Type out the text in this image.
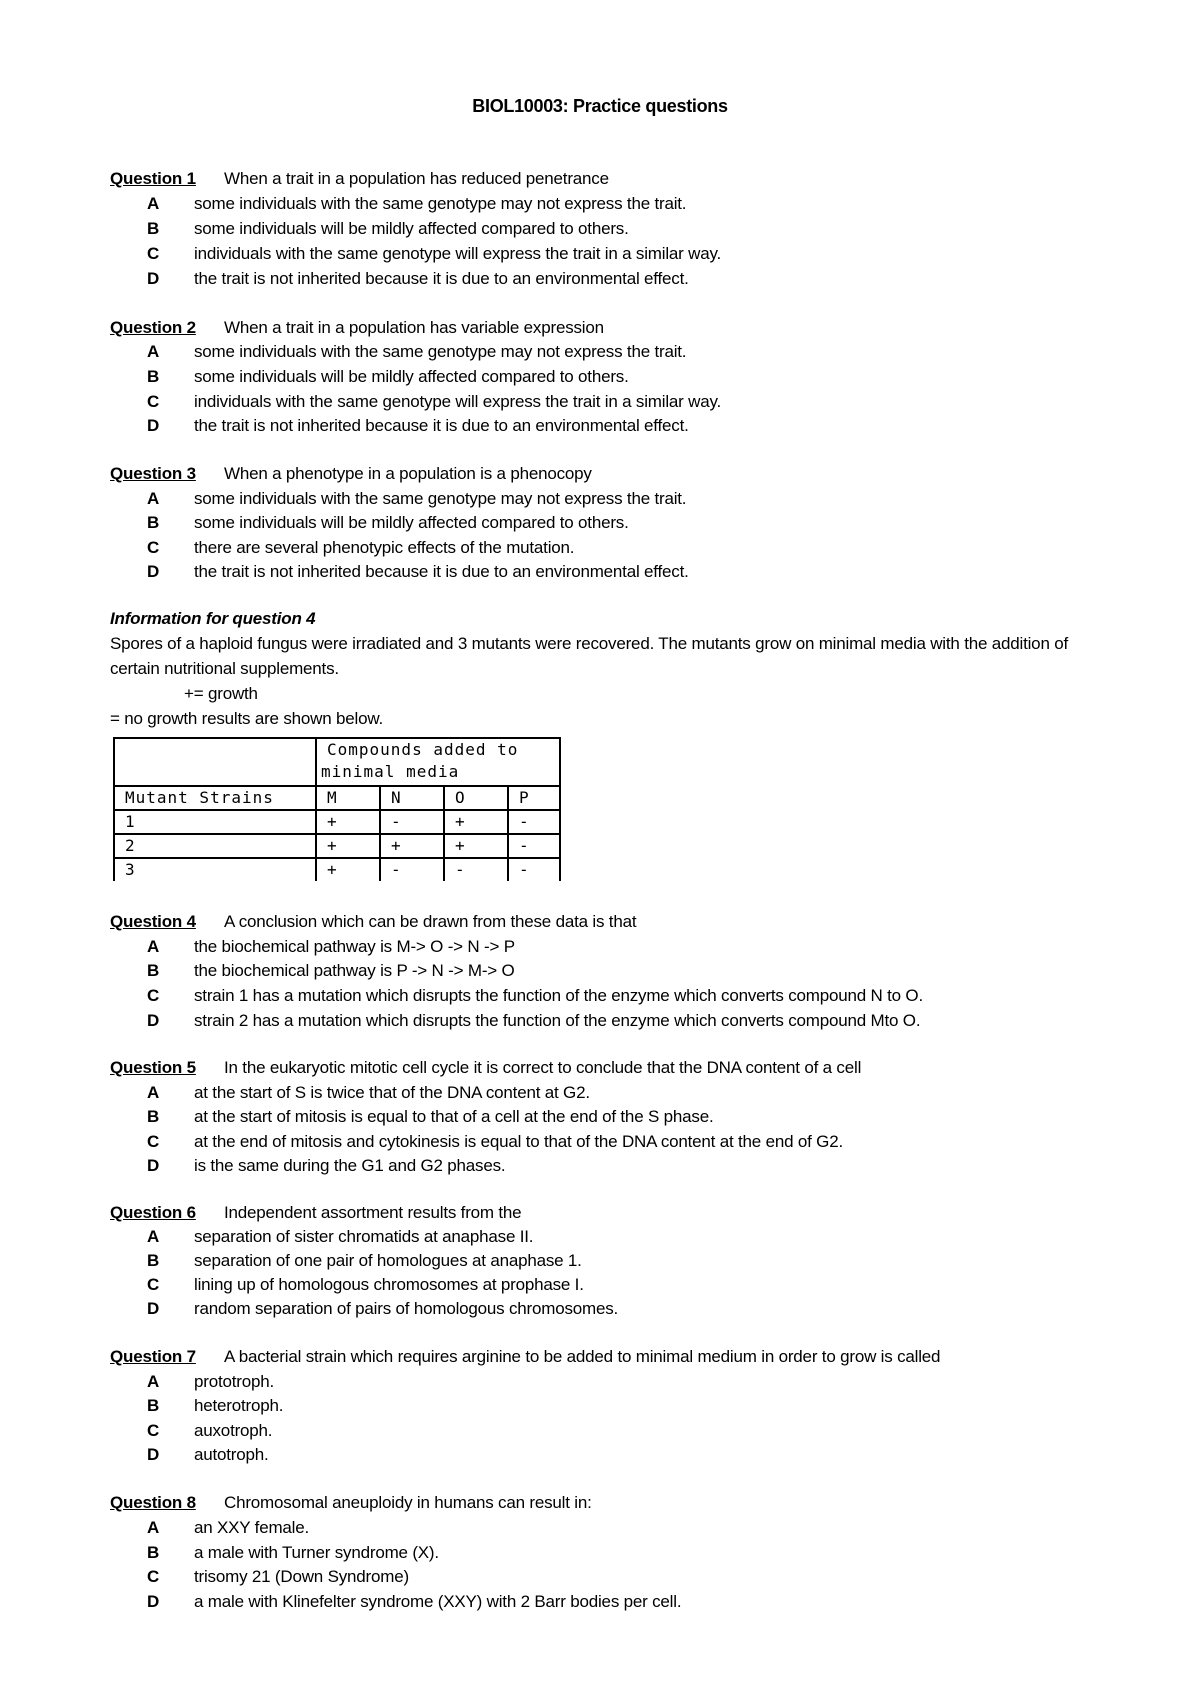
BIOL10003: Practice questions
Question 1 When a trait in a population has reduced penetrance
A some individuals with the same genotype may not express the trait.
B some individuals will be mildly affected compared to others.
C individuals with the same genotype will express the trait in a similar way.
D the trait is not inherited because it is due to an environmental effect.
Question 2 When a trait in a population has variable expression
A some individuals with the same genotype may not express the trait.
B some individuals will be mildly affected compared to others.
C individuals with the same genotype will express the trait in a similar way.
D the trait is not inherited because it is due to an environmental effect.
Question 3 When a phenotype in a population is a phenocopy
A some individuals with the same genotype may not express the trait.
B some individuals will be mildly affected compared to others.
C there are several phenotypic effects of the mutation.
D the trait is not inherited because it is due to an environmental effect.
Information for question 4
Spores of a haploid fungus were irradiated and 3 mutants were recovered. The mutants grow on minimal media with the addition of
certain nutritional supplements.
+= growth
= no growth results are shown below.

	Compounds added to
minimal media			

Mutant Strains	M	N	O	P
1	+	-	+	-
2	+	+	+	-
3	+	-	-	-
Question 4 A conclusion which can be drawn from these data is that
A the biochemical pathway is M-> O -> N -> P
B the biochemical pathway is P -> N -> M-> O
C strain 1 has a mutation which disrupts the function of the enzyme which converts compound N to O.
D strain 2 has a mutation which disrupts the function of the enzyme which converts compound Mto O.
Question 5 In the eukaryotic mitotic cell cycle it is correct to conclude that the DNA content of a cell
A at the start of S is twice that of the DNA content at G2.
B at the start of mitosis is equal to that of a cell at the end of the S phase.
C at the end of mitosis and cytokinesis is equal to that of the DNA content at the end of G2.
D is the same during the G1 and G2 phases.
Question 6 Independent assortment results from the
A separation of sister chromatids at anaphase II.
B separation of one pair of homologues at anaphase 1.
C lining up of homologous chromosomes at prophase I.
D random separation of pairs of homologous chromosomes.
Question 7 A bacterial strain which requires arginine to be added to minimal medium in order to grow is called
A prototroph.
B heterotroph.
C auxotroph.
D autotroph.
Question 8 Chromosomal aneuploidy in humans can result in:
A an XXY female.
B a male with Turner syndrome (X).
C trisomy 21 (Down Syndrome)
D a male with Klinefelter syndrome (XXY) with 2 Barr bodies per cell.
